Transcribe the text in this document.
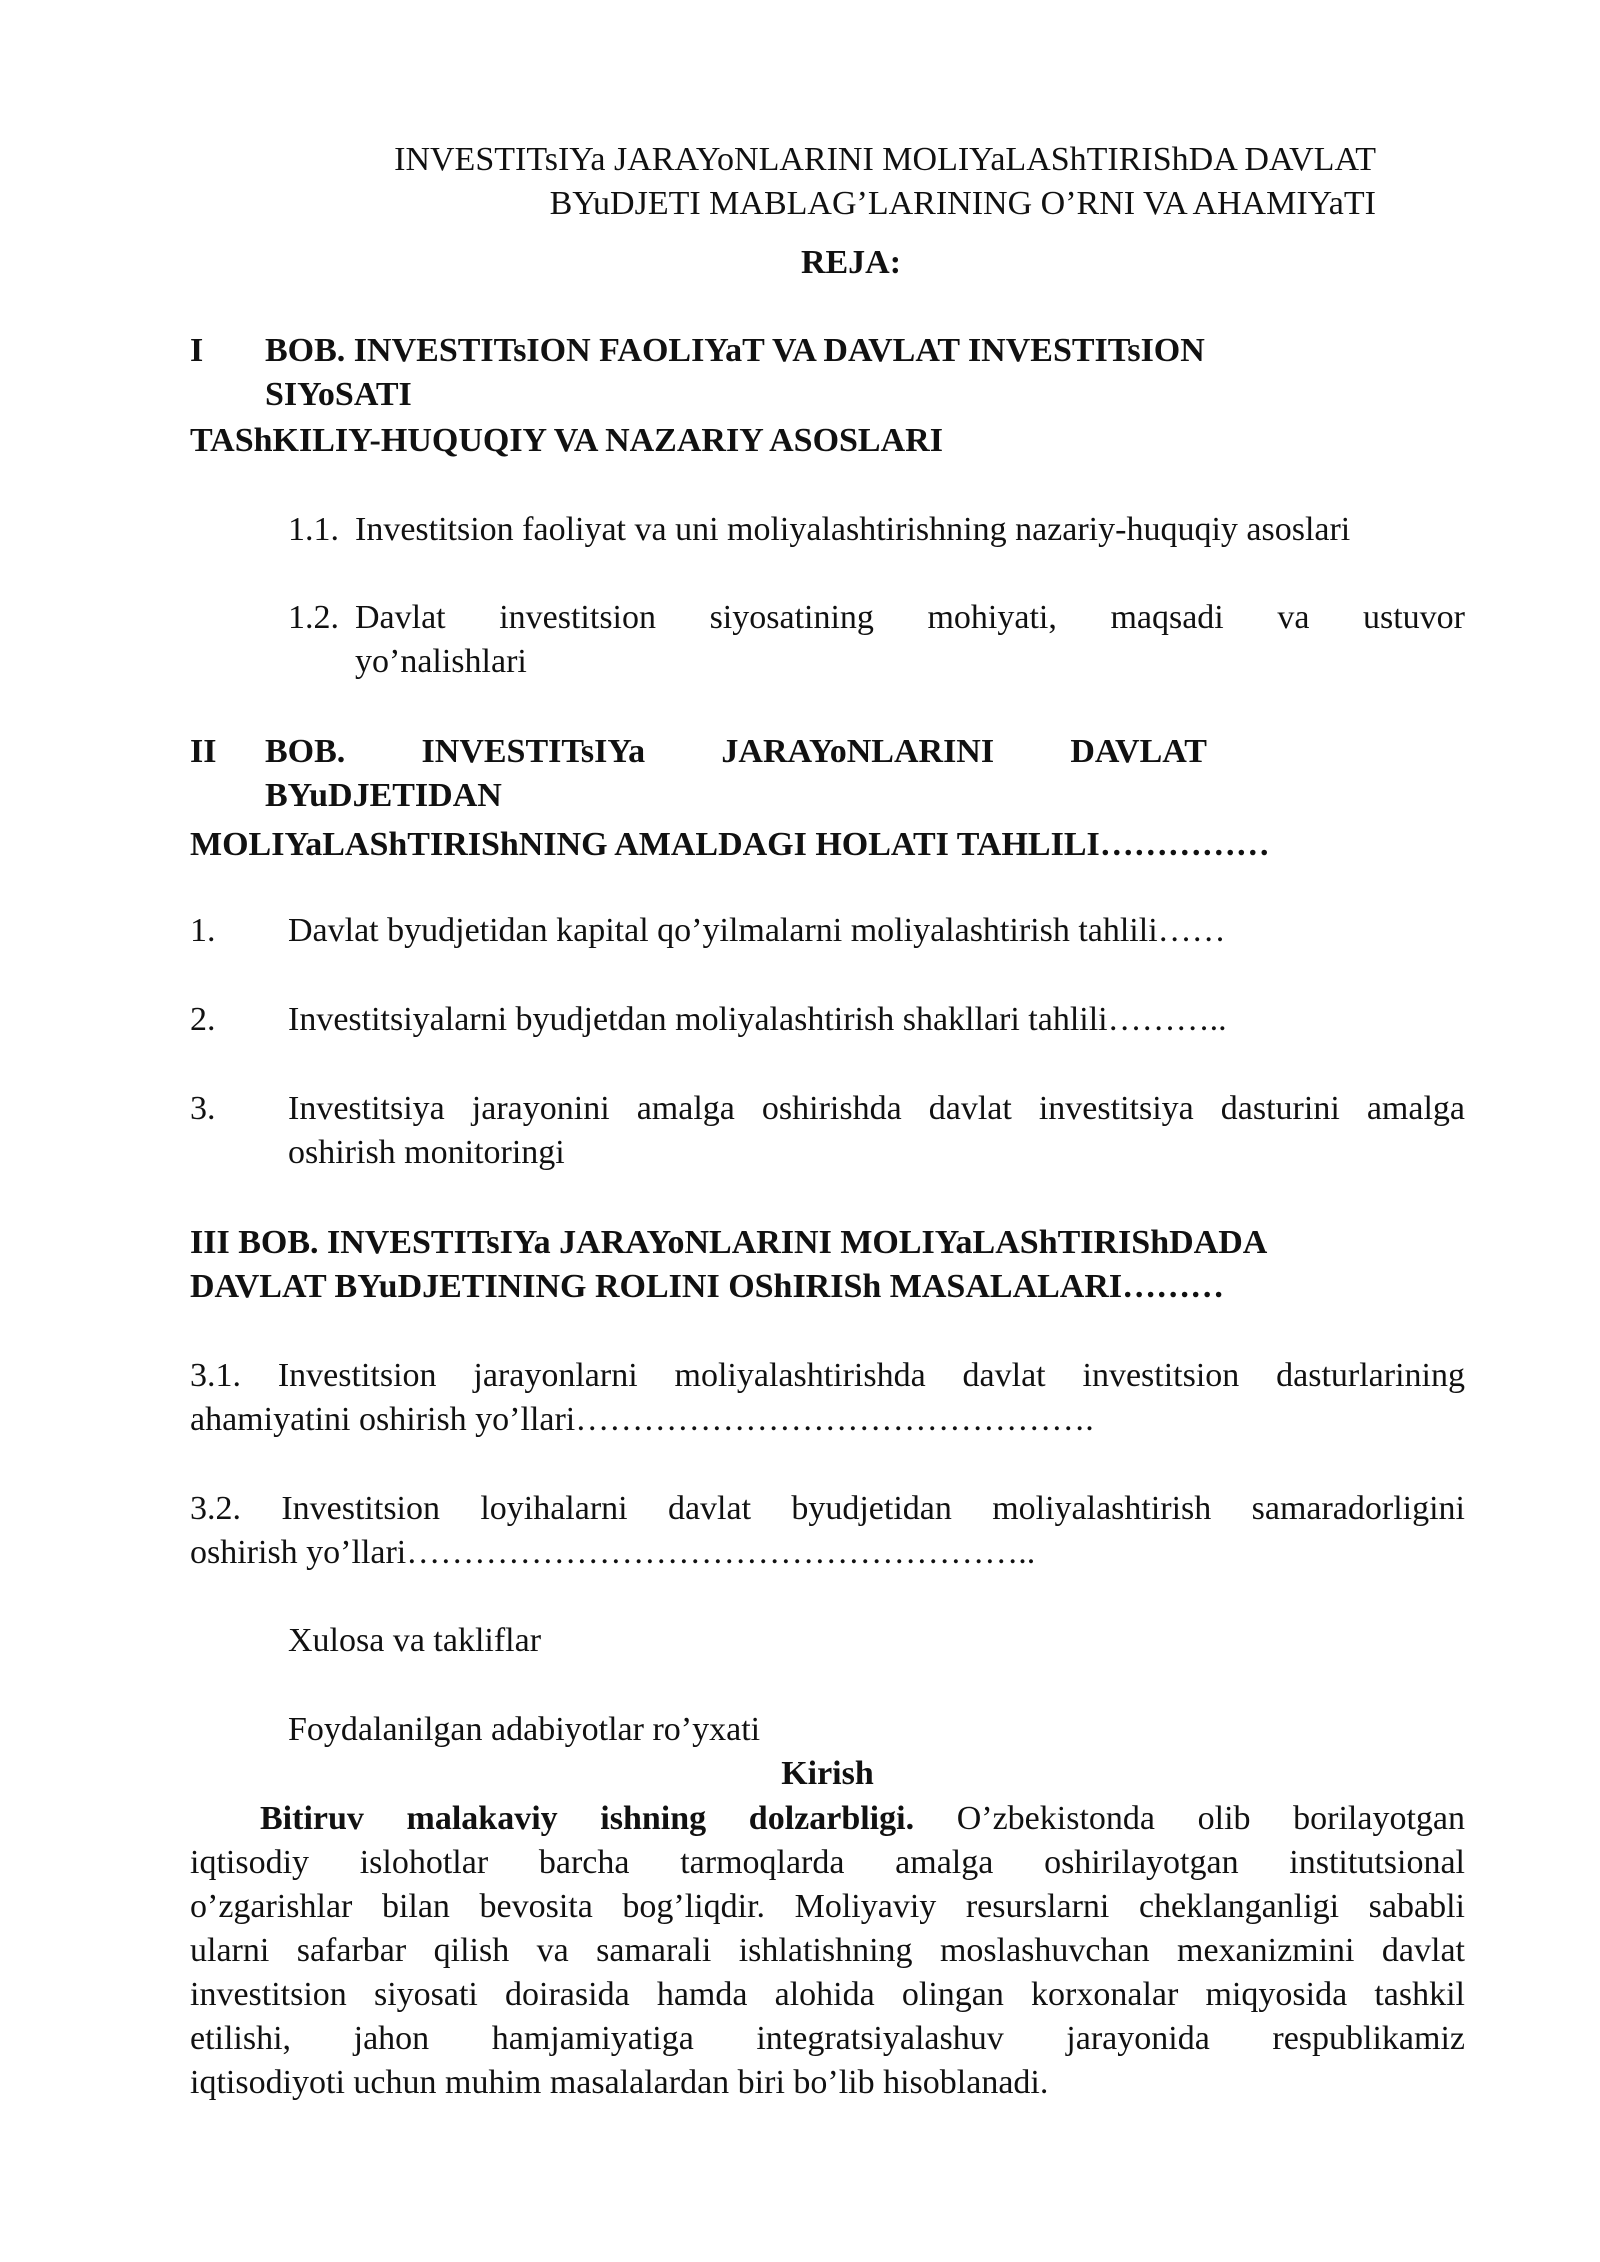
INVESTITsIYa JARAYoNLARINI MOLIYaLAShTIRIShDA DAVLAT
BYuDJETI MABLAG’LARINING O’RNI VA AHAMIYaTI
REJA:
I BOB. INVESTITsION FAOLIYaT VA DAVLAT INVESTITsION
SIYoSATI
TAShKILIY-HUQUQIY VA NAZARIY ASOSLARI
1.1. Investitsion faoliyat va uni moliyalashtirishning nazariy-huquqiy asoslari
1.2. Davlat investitsion siyosatining mohiyati, maqsadi va ustuvor
yo’nalishlari
II BOB. INVESTITsIYa JARAYoNLARINI DAVLAT
BYuDJETIDAN
MOLIYaLAShTIRIShNING AMALDAGI HOLATI TAHLILI……………
1. Davlat byudjetidan kapital qo’yilmalarni moliyalashtirish tahlili……
2. Investitsiyalarni byudjetdan moliyalashtirish shakllari tahlili………..
3. Investitsiya jarayonini amalga oshirishda davlat investitsiya dasturini amalga
oshirish monitoringi
III BOB. INVESTITsIYa JARAYoNLARINI MOLIYaLAShTIRIShDADA
DAVLAT BYuDJETINING ROLINI OShIRISh MASALALARI………
3.1. Investitsion jarayonlarni moliyalashtirishda davlat investitsion dasturlarining
ahamiyatini oshirish yo’llari……………………………………….
3.2. Investitsion loyihalarni davlat byudjetidan moliyalashtirish samaradorligini
oshirish yo’llari………………………………………………..
Xulosa va takliflar
Foydalanilgan adabiyotlar ro’yxati
Kirish
Bitiruv malakaviy ishning dolzarbligi. O’zbekistonda olib borilayotgan
iqtisodiy islohotlar barcha tarmoqlarda amalga oshirilayotgan institutsional
o’zgarishlar bilan bevosita bog’liqdir. Moliyaviy resurslarni cheklanganligi sababli
ularni safarbar qilish va samarali ishlatishning moslashuvchan mexanizmini davlat
investitsion siyosati doirasida hamda alohida olingan korxonalar miqyosida tashkil
etilishi, jahon hamjamiyatiga integratsiyalashuv jarayonida respublikamiz
iqtisodiyoti uchun muhim masalalardan biri bo’lib hisoblanadi.
